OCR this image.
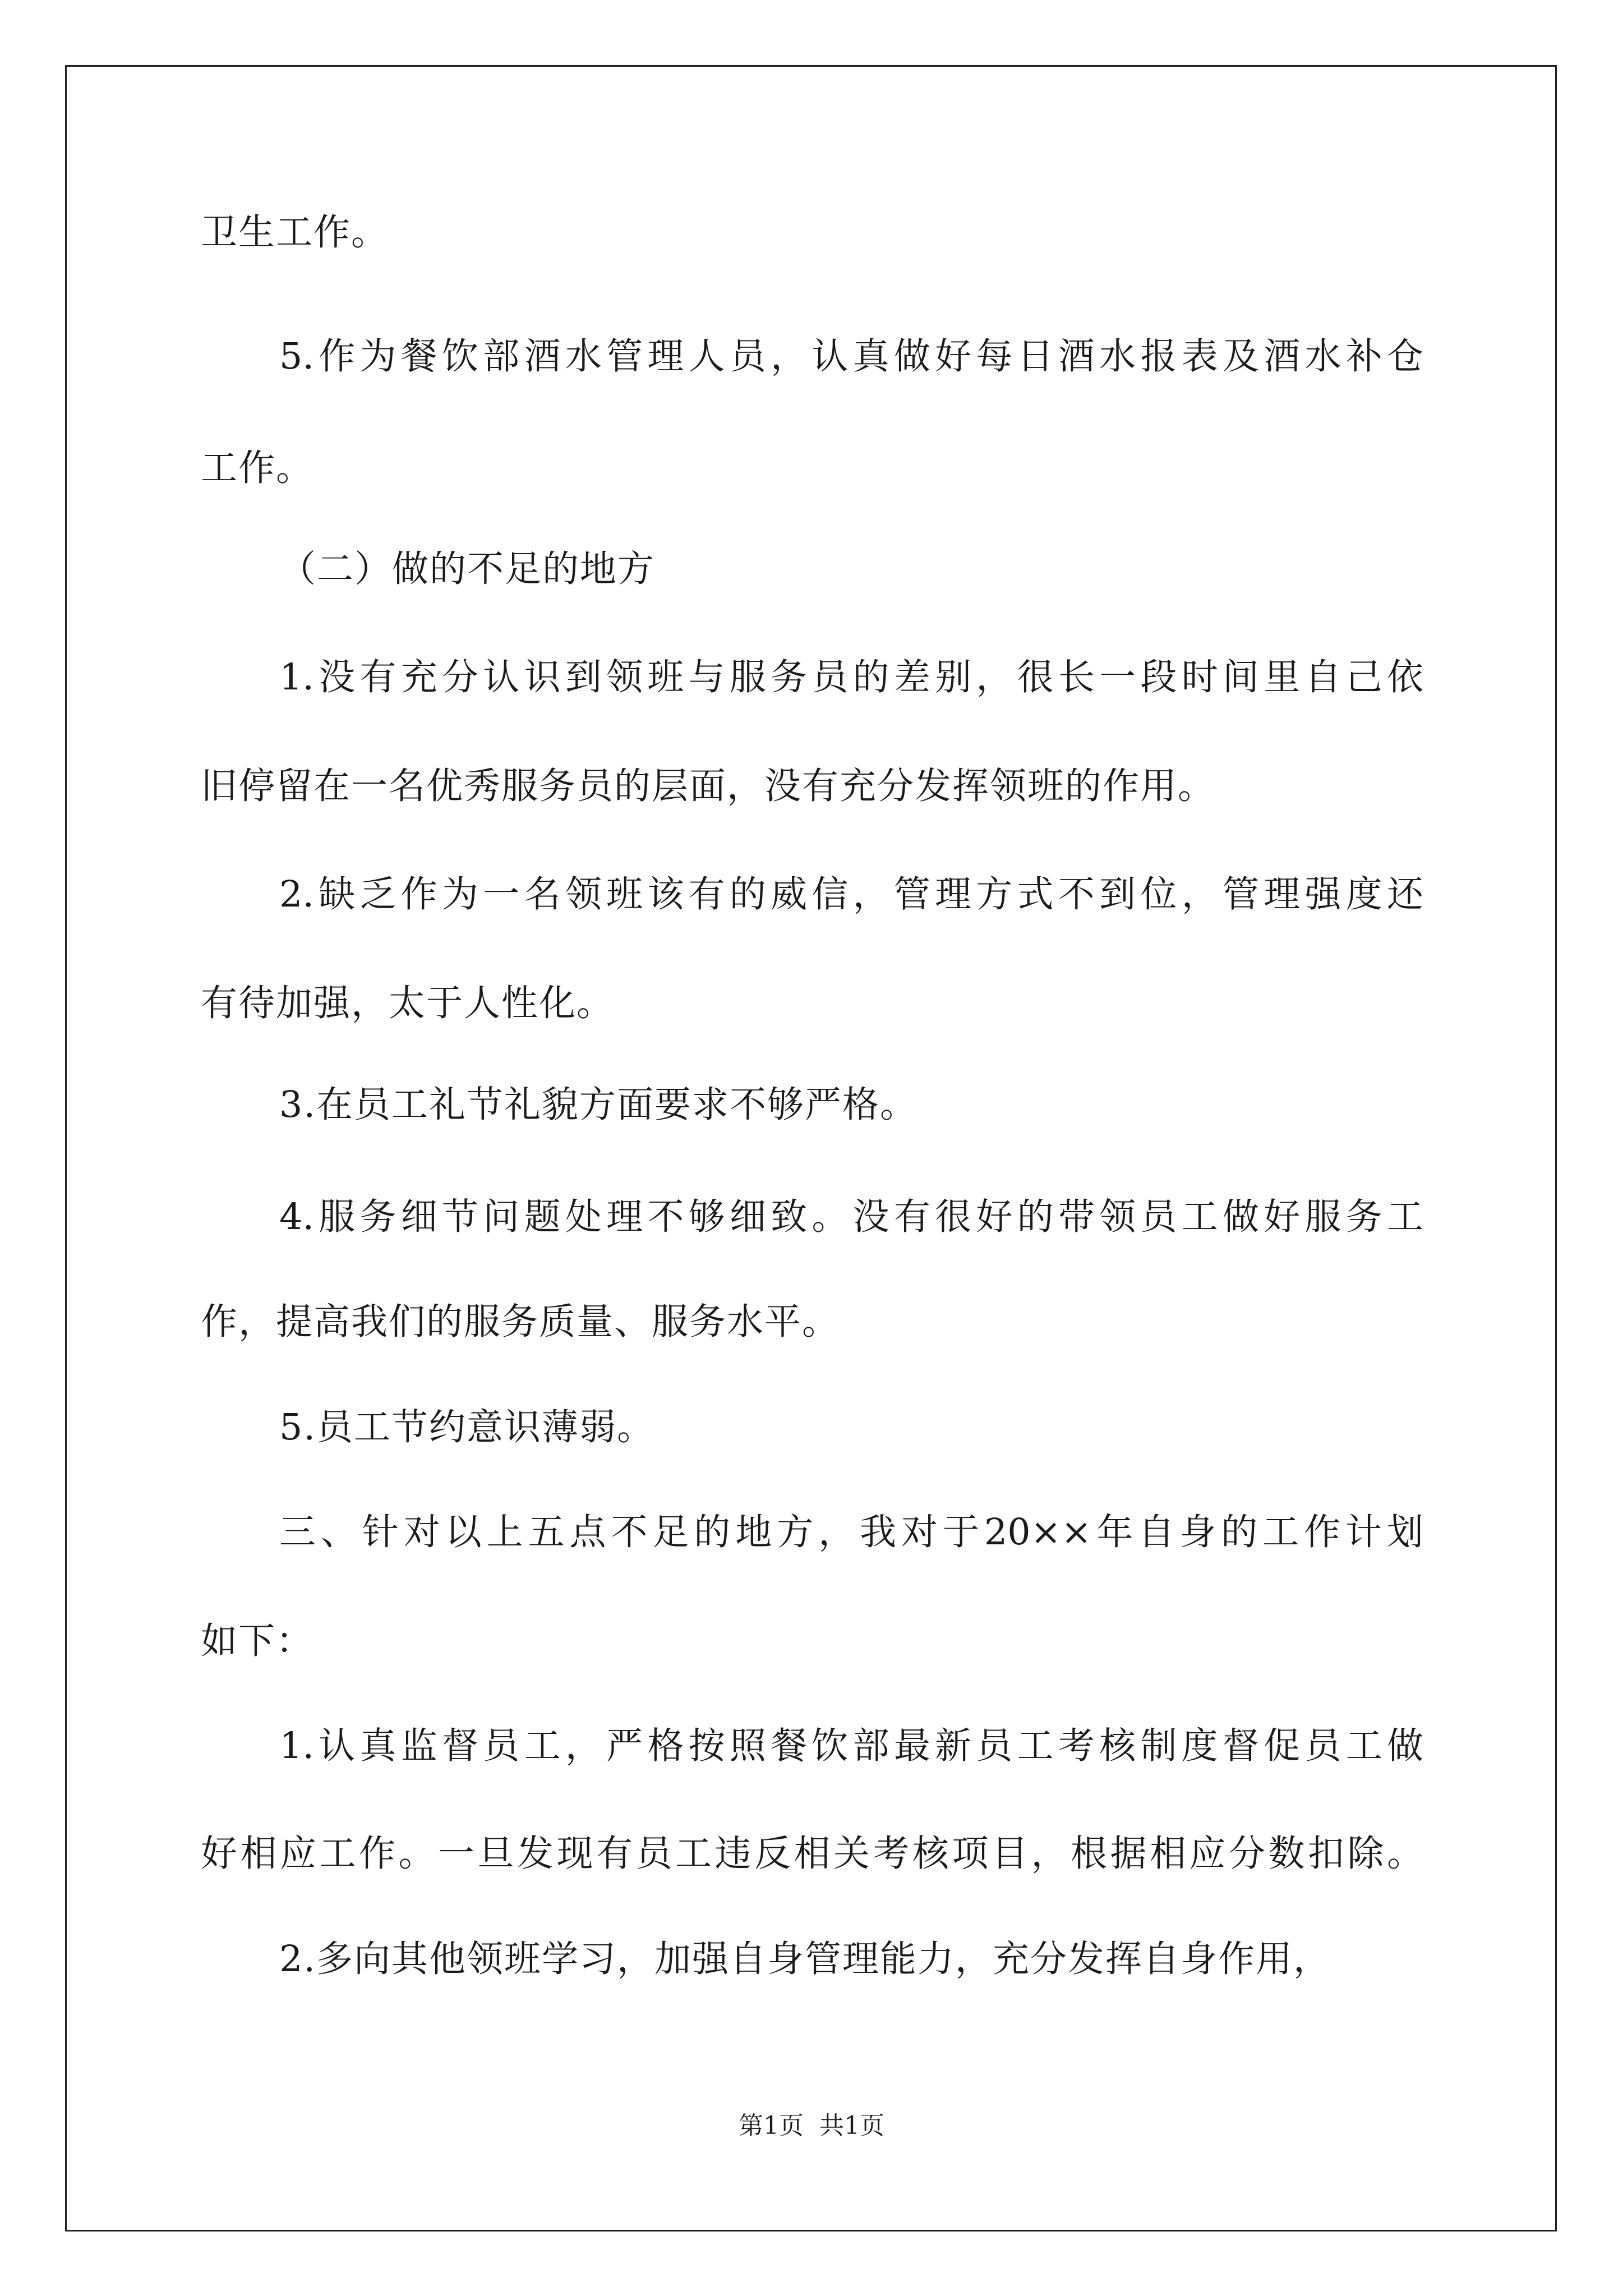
卫生工作。
5.作为餐饮部酒水管理人员，认真做好每日酒水报表及酒水补仓
工作。
（二）做的不足的地方
1.没有充分认识到领班与服务员的差别，很长一段时间里自己依
旧停留在一名优秀服务员的层面，没有充分发挥领班的作用。
2.缺乏作为一名领班该有的威信，管理方式不到位，管理强度还
有待加强，太于人性化。
3.在员工礼节礼貌方面要求不够严格。
4.服务细节问题处理不够细致。没有很好的带领员工做好服务工
作，提高我们的服务质量、服务水平。
5.员工节约意识薄弱。
三、针对以上五点不足的地方，我对于20××年自身的工作计划
如下：
1.认真监督员工，严格按照餐饮部最新员工考核制度督促员工做
好相应工作。一旦发现有员工违反相关考核项目，根据相应分数扣除。
2.多向其他领班学习，加强自身管理能力，充分发挥自身作用，
第1页 共1页
